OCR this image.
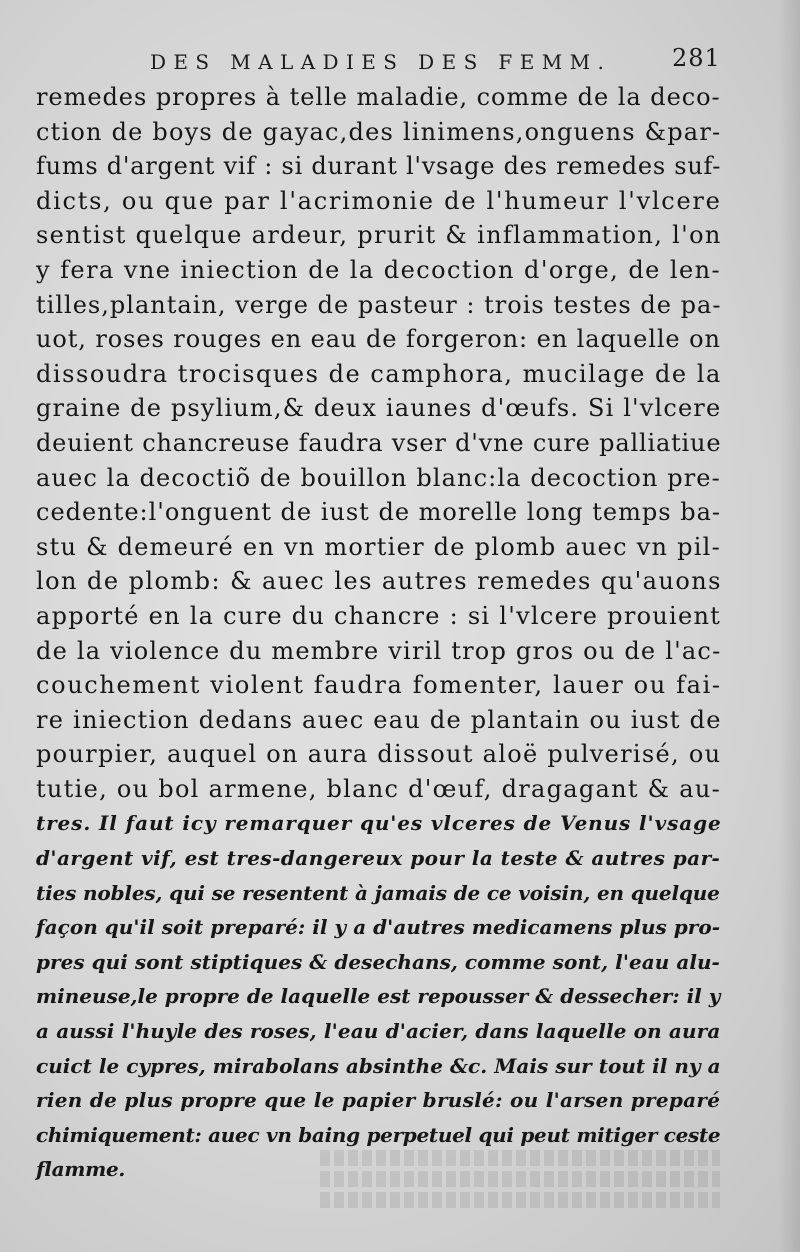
DES MALADIES DES FEMM.	281
remedes propres à telle maladie, comme de la deco-
ction de boys de gayac,des linimens,onguens &par-
fums d'argent vif : si durant l'vsage des remedes suf-
dicts, ou que par l'acrimonie de l'humeur l'vlcere
sentist quelque ardeur, prurit & inflammation, l'on
y fera vne iniection de la decoction d'orge, de len-
tilles,plantain, verge de pasteur : trois testes de pa-
uot, roses rouges en eau de forgeron: en laquelle on
dissoudra trocisques de camphora, mucilage de la
graine de psylium,& deux iaunes d'œufs. Si l'vlcere
deuient chancreuse faudra vser d'vne cure palliatiue
auec la decoctiõ de bouillon blanc:la decoction pre-
cedente:l'onguent de iust de morelle long temps ba-
stu & demeuré en vn mortier de plomb auec vn pil-
lon de plomb: & auec les autres remedes qu'auons
apporté en la cure du chancre : si l'vlcere prouient
de la violence du membre viril trop gros ou de l'ac-
couchement violent faudra fomenter, lauer ou fai-
re iniection dedans auec eau de plantain ou iust de
pourpier, auquel on aura dissout aloë pulverisé, ou
tutie, ou bol armene, blanc d'œuf, dragagant & au-
tres. Il faut icy remarquer qu'es vlceres de Venus l'vsage
d'argent vif, est tres-dangereux pour la teste & autres par-
ties nobles, qui se resentent à jamais de ce voisin, en quelque
façon qu'il soit preparé: il y a d'autres medicamens plus pro-
pres qui sont stiptiques & desechans, comme sont, l'eau alu-
mineuse,le propre de laquelle est repousser & dessecher: il y
a aussi l'huyle des roses, l'eau d'acier, dans laquelle on aura
cuict le cypres, mirabolans absinthe &c. Mais sur tout il ny a
rien de plus propre que le papier bruslé: ou l'arsen preparé
chimiquement: auec vn baing perpetuel qui peut mitiger ceste
flamme.
